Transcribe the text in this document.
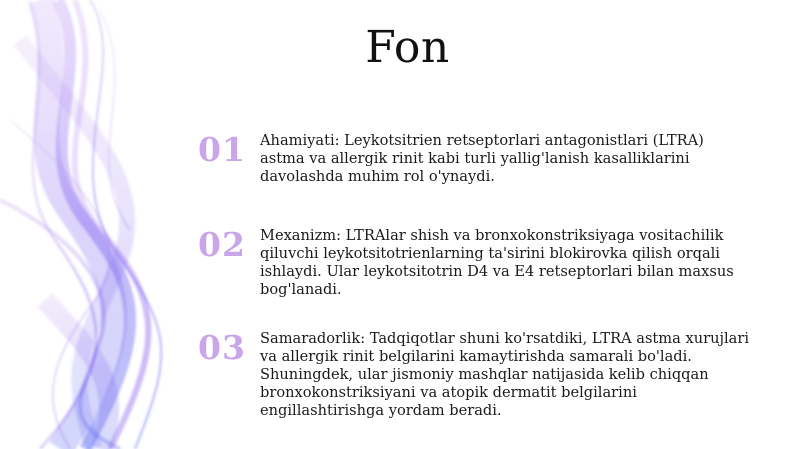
Fon
01 Ahamiyati: Leykotsitrien retseptorlari antagonistlari (LTRA) astma va allergik rinit kabi turli yallig'lanish kasalliklarini davolashda muhim rol o'ynaydi.
02 Mexanizm: LTRAlar shish va bronxokonstriksiyaga vositachilik qiluvchi leykotsitotrienlarning ta'sirini blokirovka qilish orqali ishlaydi. Ular leykotsitotrin D4 va E4 retseptorlari bilan maxsus bog'lanadi.
03 Samaradorlik: Tadqiqotlar shuni ko'rsatdiki, LTRA astma xurujlari va allergik rinit belgilarini kamaytirishda samarali bo'ladi. Shuningdek, ular jismoniy mashqlar natijasida kelib chiqqan bronxokonstriksiyani va atopik dermatit belgilarini engillashtirishga yordam beradi.
